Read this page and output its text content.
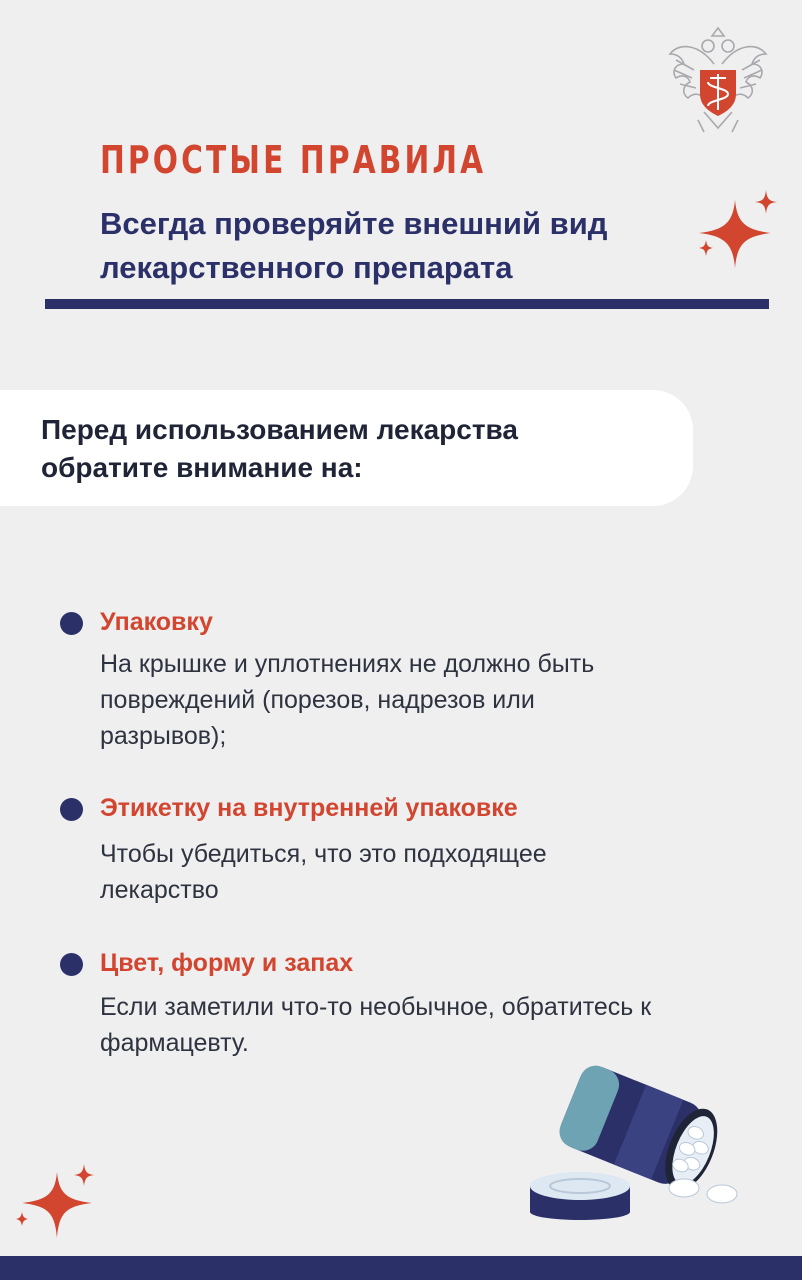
ПРОСТЫЕ ПРАВИЛА
Всегда проверяйте внешний вид
лекарственного препарата
Перед использованием лекарства
обратите внимание на:
Упаковку
На крышке и уплотнениях не должно быть
повреждений (порезов, надрезов или
разрывов);
Этикетку на внутренней упаковке
Чтобы убедиться, что это подходящее
лекарство
Цвет, форму и запах
Если заметили что-то необычное, обратитесь к
фармацевту.
